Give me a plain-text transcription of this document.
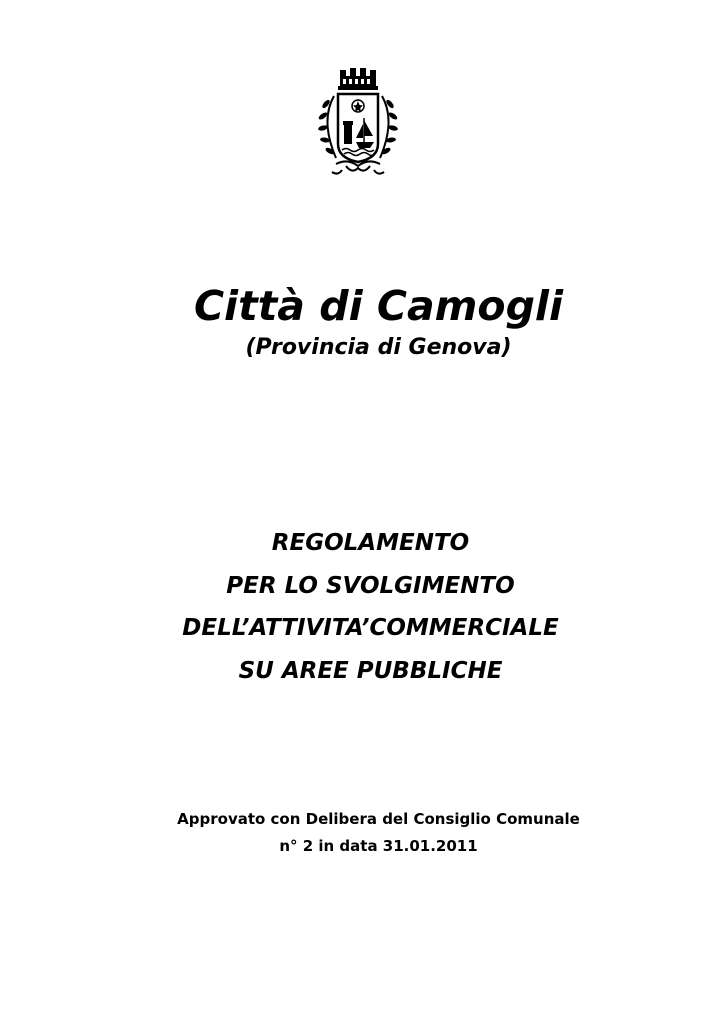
Città di Camogli
(Provincia di Genova)
REGOLAMENTO
PER LO SVOLGIMENTO
DELL’ATTIVITA’COMMERCIALE
SU AREE PUBBLICHE
Approvato con Delibera del Consiglio Comunale
n° 2 in data 31.01.2011
